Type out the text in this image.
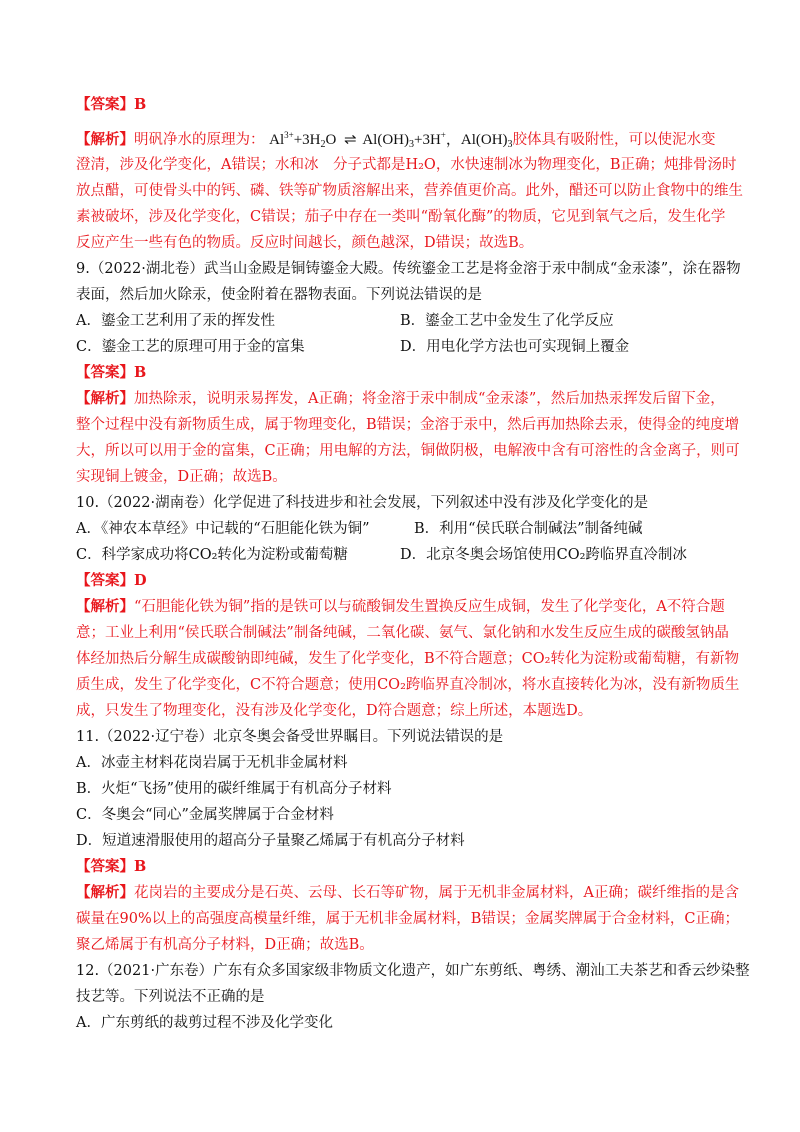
【答案】B
【解析】明矾净水的原理为： $Al^{3+}+3H_2O$ ⇌ $Al(OH)_3+3H^+$，$Al(OH)_3$胶体具有吸附性，可以使泥水变
澄清，涉及化学变化，A错误；水和冰　分子式都是H₂O，水快速制冰为物理变化，B正确；炖排骨汤时
放点醋，可使骨头中的钙、磷、铁等矿物质溶解出来，营养值更价高。此外，醋还可以防止食物中的维生
素被破坏，涉及化学变化，C错误；茄子中存在一类叫“酚氧化酶”的物质，它见到氧气之后，发生化学
反应产生一些有色的物质。反应时间越长，颜色越深，D错误；故选B。
9.（2022·湖北卷）武当山金殿是铜铸鎏金大殿。传统鎏金工艺是将金溶于汞中制成“金汞漆”，涂在器物
表面，然后加火除汞，使金附着在器物表面。下列说法错误的是
A．鎏金工艺利用了汞的挥发性	B．鎏金工艺中金发生了化学反应
C．鎏金工艺的原理可用于金的富集	D．用电化学方法也可实现铜上覆金
【答案】B
【解析】加热除汞，说明汞易挥发，A正确；将金溶于汞中制成“金汞漆”，然后加热汞挥发后留下金，
整个过程中没有新物质生成，属于物理变化，B错误；金溶于汞中，然后再加热除去汞，使得金的纯度增
大，所以可以用于金的富集，C正确；用电解的方法，铜做阴极，电解液中含有可溶性的含金离子，则可
实现铜上镀金，D正确；故选B。
10.（2022·湖南卷）化学促进了科技进步和社会发展，下列叙述中没有涉及化学变化的是
A．《神农本草经》中记载的“石胆能化铁为铜”	B．利用“侯氏联合制碱法”制备纯碱
C．科学家成功将CO₂转化为淀粉或葡萄糖	D．北京冬奥会场馆使用CO₂跨临界直冷制冰
【答案】D
【解析】“石胆能化铁为铜”指的是铁可以与硫酸铜发生置换反应生成铜，发生了化学变化，A不符合题
意；工业上利用“侯氏联合制碱法”制备纯碱，二氧化碳、氨气、氯化钠和水发生反应生成的碳酸氢钠晶
体经加热后分解生成碳酸钠即纯碱，发生了化学变化，B不符合题意；CO₂转化为淀粉或葡萄糖，有新物
质生成，发生了化学变化，C不符合题意；使用CO₂跨临界直冷制冰，将水直接转化为冰，没有新物质生
成，只发生了物理变化，没有涉及化学变化，D符合题意；综上所述，本题选D。
11.（2022·辽宁卷）北京冬奥会备受世界瞩目。下列说法错误的是
A．冰壶主材料花岗岩属于无机非金属材料
B．火炬“飞扬”使用的碳纤维属于有机高分子材料
C．冬奥会“同心”金属奖牌属于合金材料
D．短道速滑服使用的超高分子量聚乙烯属于有机高分子材料
【答案】B
【解析】花岗岩的主要成分是石英、云母、长石等矿物，属于无机非金属材料，A正确；碳纤维指的是含
碳量在90%以上的高强度高模量纤维，属于无机非金属材料，B错误；金属奖牌属于合金材料，C正确；
聚乙烯属于有机高分子材料，D正确；故选B。
12.（2021·广东卷）广东有众多国家级非物质文化遗产，如广东剪纸、粤绣、潮汕工夫茶艺和香云纱染整
技艺等。下列说法不正确的是
A．广东剪纸的裁剪过程不涉及化学变化
